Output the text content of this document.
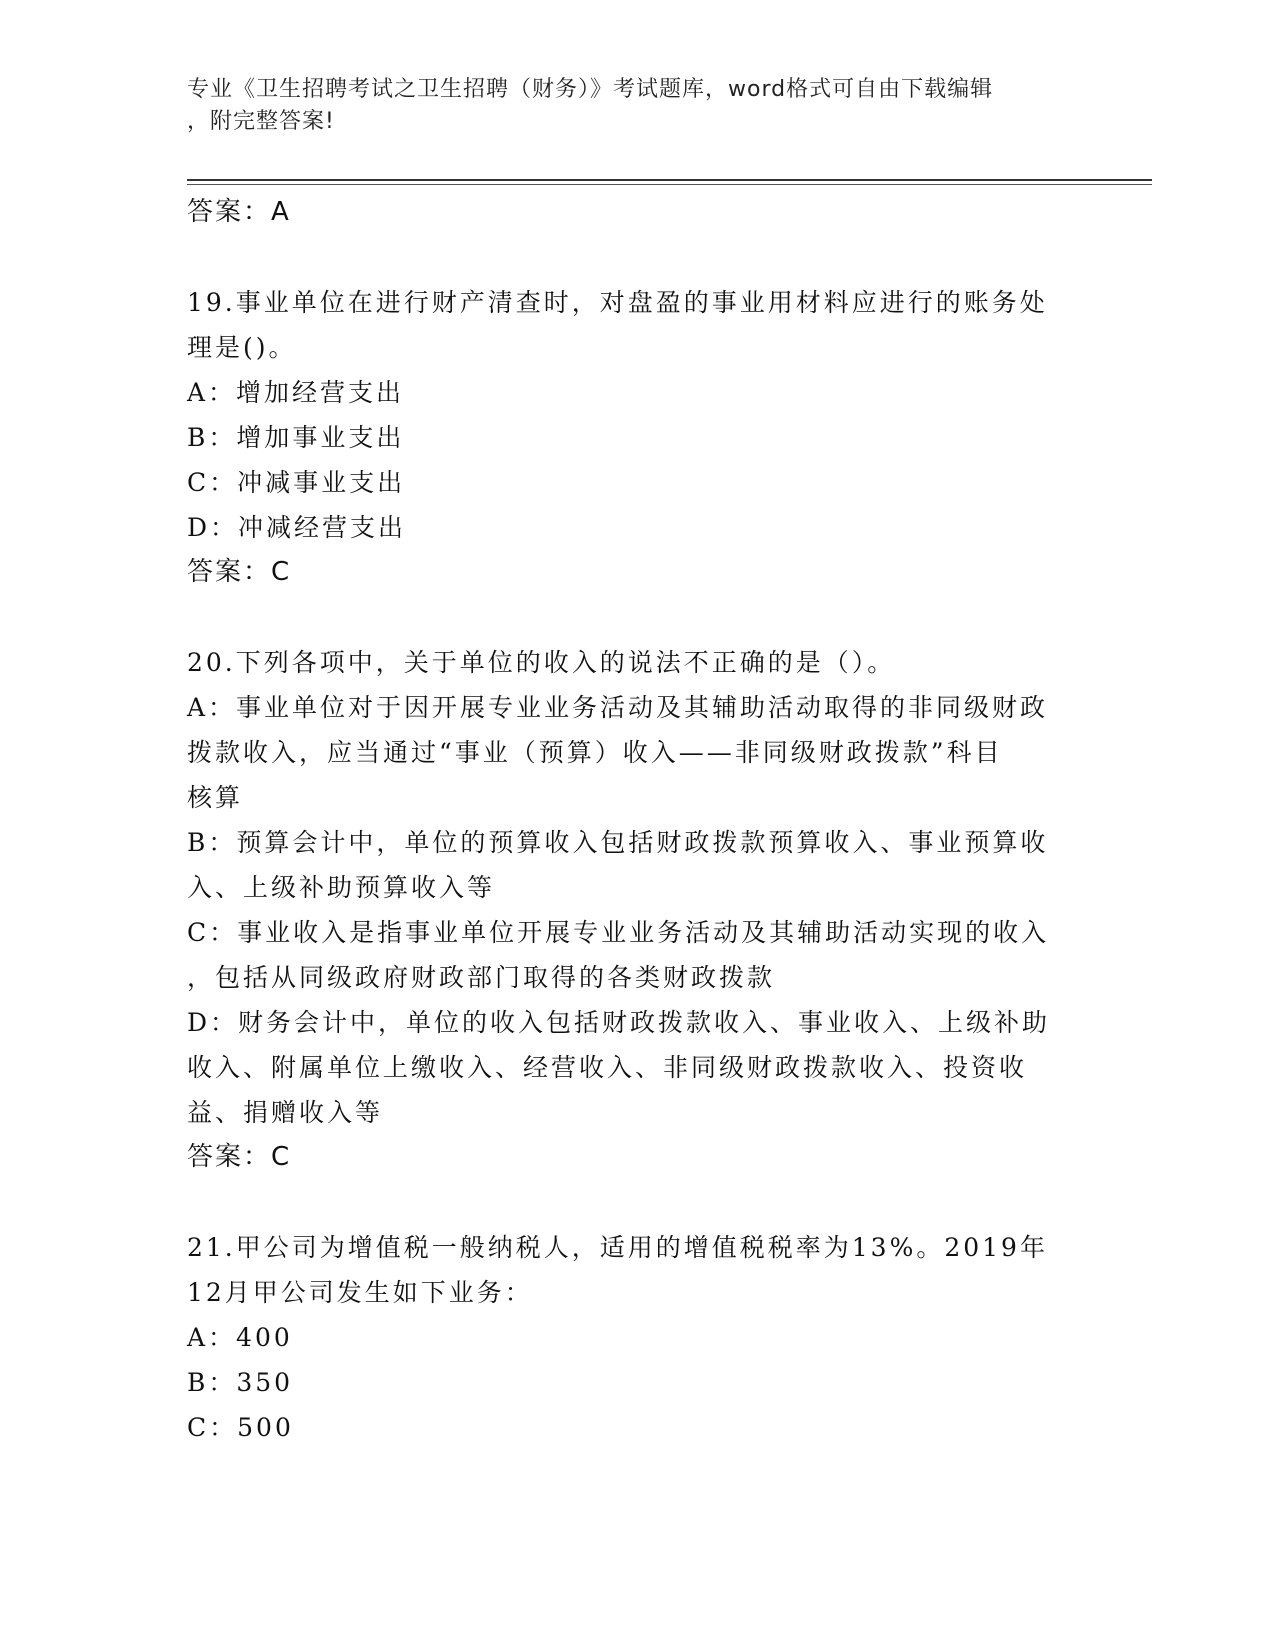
专业《卫生招聘考试之卫生招聘（财务）》考试题库，word格式可自由下载编辑

，附完整答案!

答案：A

19.事业单位在进行财产清查时，对盘盈的事业用材料应进行的账务处

理是()。

A：增加经营支出

B：增加事业支出

C：冲减事业支出

D：冲减经营支出

答案：C

20.下列各项中，关于单位的收入的说法不正确的是（）。

A：事业单位对于因开展专业业务活动及其辅助活动取得的非同级财政

拨款收入，应当通过“事业（预算）收入——非同级财政拨款”科目

核算

B：预算会计中，单位的预算收入包括财政拨款预算收入、事业预算收

入、上级补助预算收入等

C：事业收入是指事业单位开展专业业务活动及其辅助活动实现的收入

，包括从同级政府财政部门取得的各类财政拨款

D：财务会计中，单位的收入包括财政拨款收入、事业收入、上级补助

收入、附属单位上缴收入、经营收入、非同级财政拨款收入、投资收

益、捐赠收入等

答案：C

21.甲公司为增值税一般纳税人，适用的增值税税率为13%。2019年

12月甲公司发生如下业务：

A：400

B：350

C：500
